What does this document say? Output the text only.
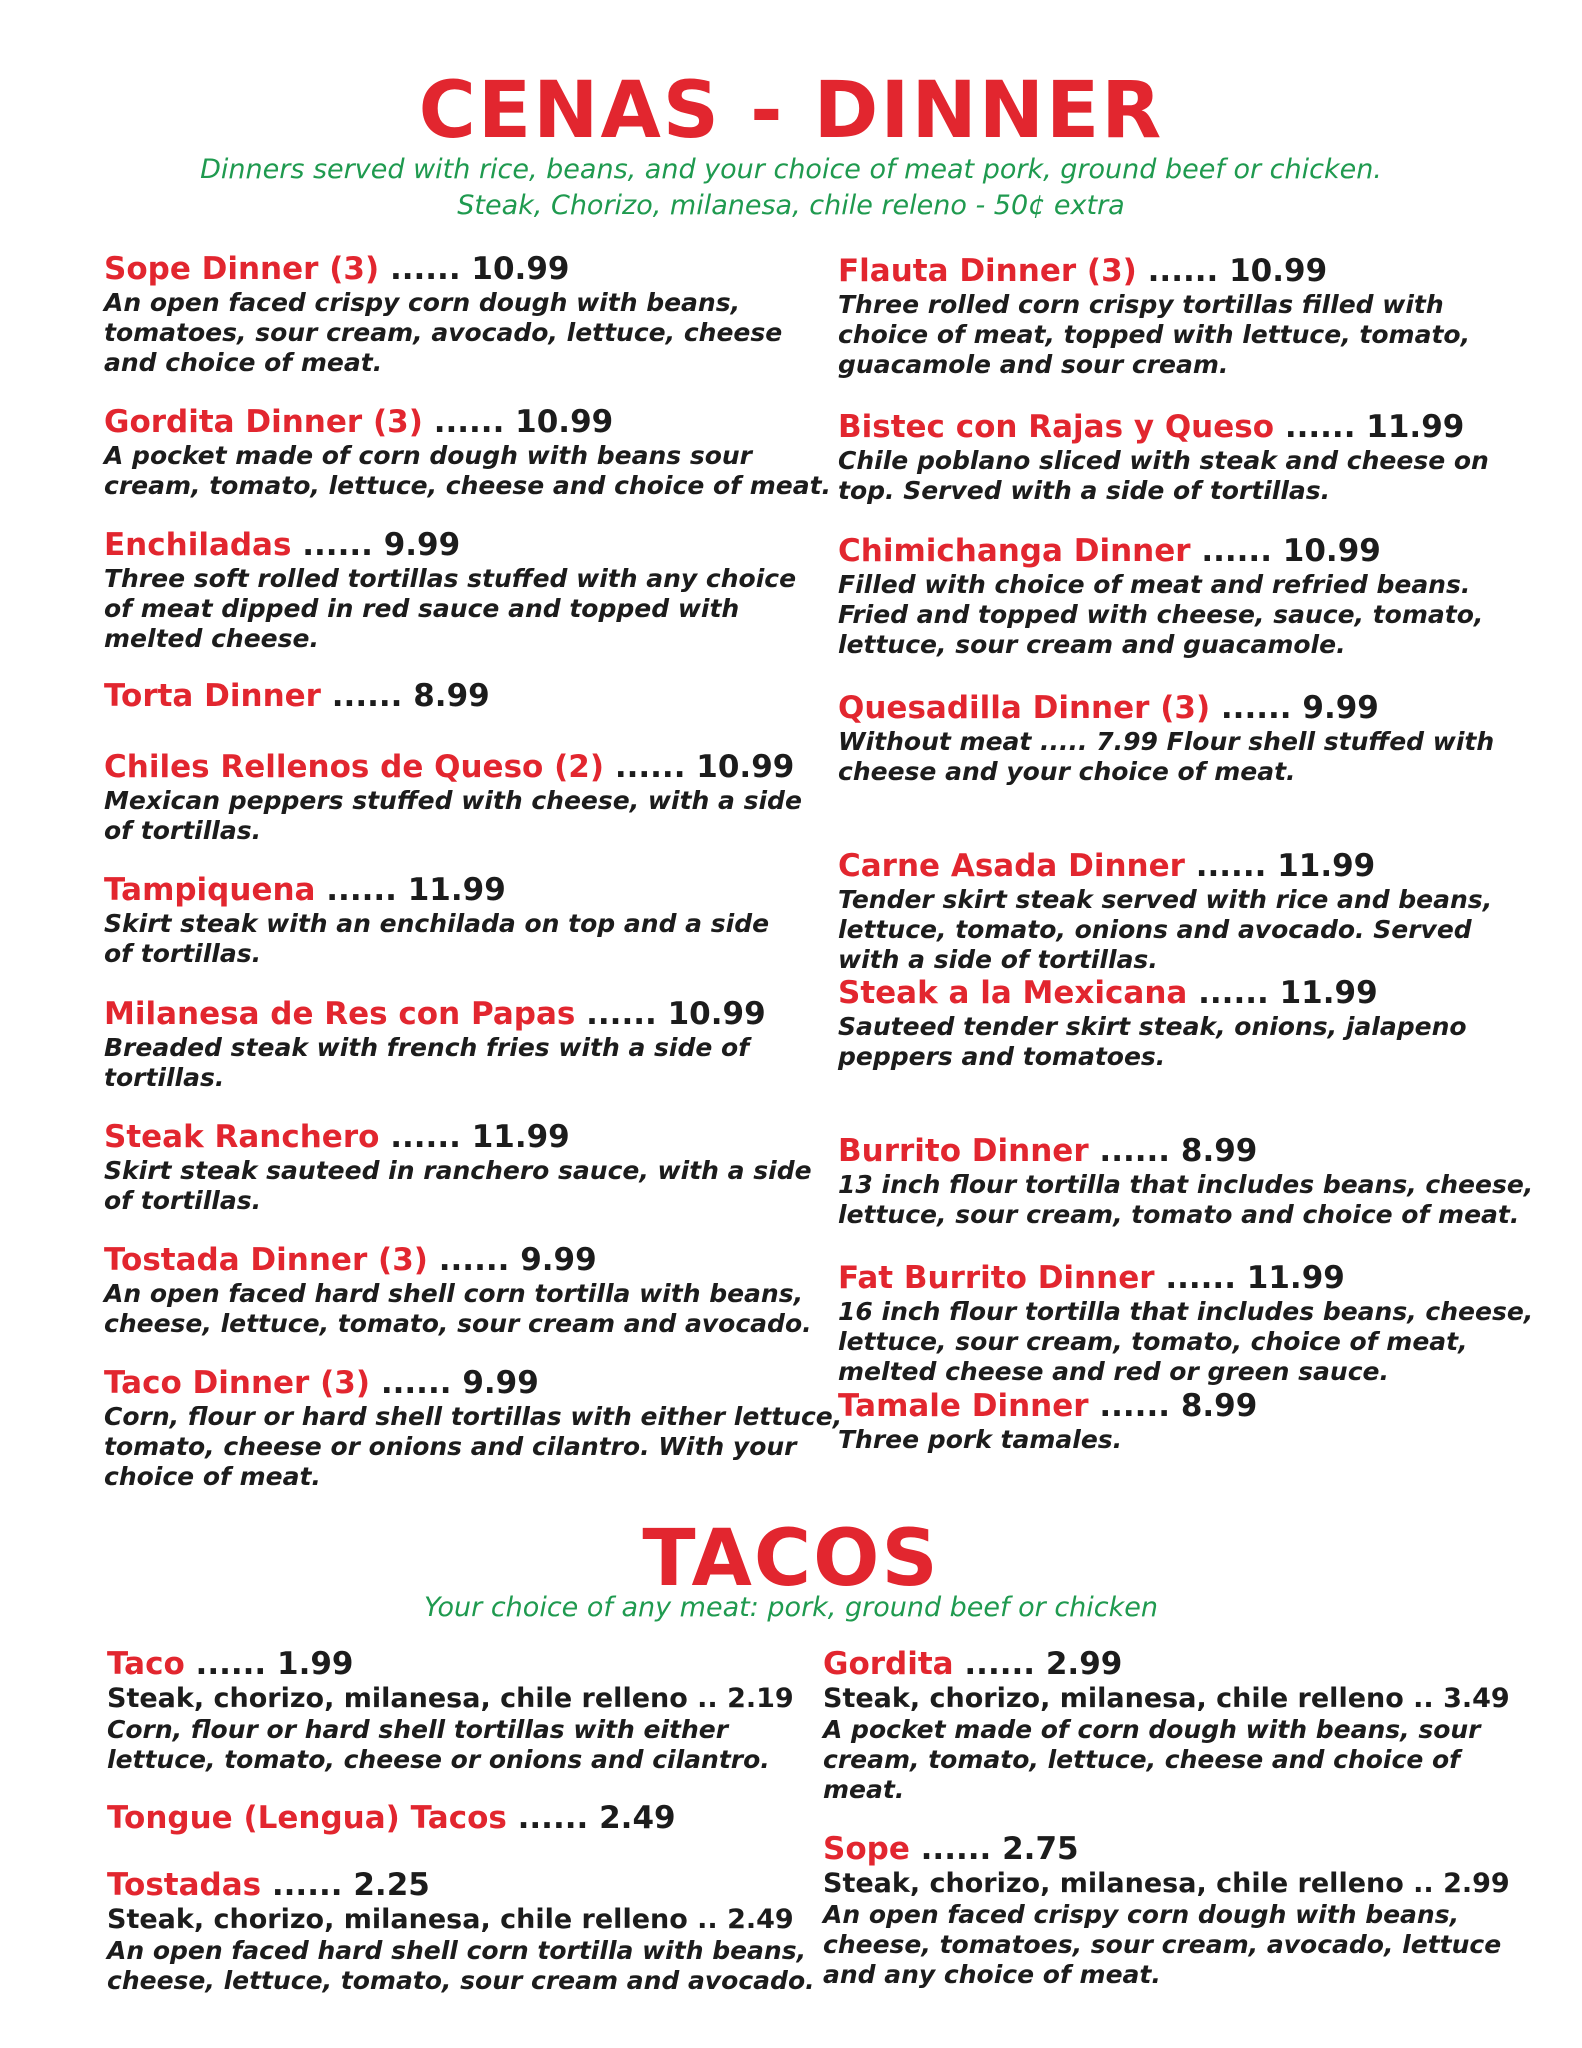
CENAS - DINNER
Dinners served with rice, beans, and your choice of meat pork, ground beef or chicken.
Steak, Chorizo, milanesa, chile releno - 50¢ extra
Sope Dinner (3) ...... 10.99
An open faced crispy corn dough with beans,
tomatoes, sour cream, avocado, lettuce, cheese
and choice of meat.
Gordita Dinner (3) ...... 10.99
A pocket made of corn dough with beans sour
cream, tomato, lettuce, cheese and choice of meat.
Enchiladas ...... 9.99
Three soft rolled tortillas stuffed with any choice
of meat dipped in red sauce and topped with
melted cheese.
Torta Dinner ...... 8.99
Chiles Rellenos de Queso (2) ...... 10.99
Mexican peppers stuffed with cheese, with a side
of tortillas.
Tampiquena ...... 11.99
Skirt steak with an enchilada on top and a side
of tortillas.
Milanesa de Res con Papas ...... 10.99
Breaded steak with french fries with a side of
tortillas.
Steak Ranchero ...... 11.99
Skirt steak sauteed in ranchero sauce, with a side
of tortillas.
Tostada Dinner (3) ...... 9.99
An open faced hard shell corn tortilla with beans,
cheese, lettuce, tomato, sour cream and avocado.
Taco Dinner (3) ...... 9.99
Corn, flour or hard shell tortillas with either lettuce,
tomato, cheese or onions and cilantro. With your
choice of meat.
Flauta Dinner (3) ...... 10.99
Three rolled corn crispy tortillas filled with
choice of meat, topped with lettuce, tomato,
guacamole and sour cream.
Bistec con Rajas y Queso ...... 11.99
Chile poblano sliced with steak and cheese on
top. Served with a side of tortillas.
Chimichanga Dinner ...... 10.99
Filled with choice of meat and refried beans.
Fried and topped with cheese, sauce, tomato,
lettuce, sour cream and guacamole.
Quesadilla Dinner (3) ...... 9.99
Without meat ..... 7.99 Flour shell stuffed with
cheese and your choice of meat.
Carne Asada Dinner ...... 11.99
Tender skirt steak served with rice and beans,
lettuce, tomato, onions and avocado. Served
with a side of tortillas.
Steak a la Mexicana ...... 11.99
Sauteed tender skirt steak, onions, jalapeno
peppers and tomatoes.
Burrito Dinner ...... 8.99
13 inch flour tortilla that includes beans, cheese,
lettuce, sour cream, tomato and choice of meat.
Fat Burrito Dinner ...... 11.99
16 inch flour tortilla that includes beans, cheese,
lettuce, sour cream, tomato, choice of meat,
melted cheese and red or green sauce.
Tamale Dinner ...... 8.99
Three pork tamales.
TACOS
Your choice of any meat: pork, ground beef or chicken
Taco ...... 1.99
Steak, chorizo, milanesa, chile relleno .. 2.19
Corn, flour or hard shell tortillas with either
lettuce, tomato, cheese or onions and cilantro.
Tongue (Lengua) Tacos ...... 2.49
Tostadas ...... 2.25
Steak, chorizo, milanesa, chile relleno .. 2.49
An open faced hard shell corn tortilla with beans,
cheese, lettuce, tomato, sour cream and avocado.
Gordita ...... 2.99
Steak, chorizo, milanesa, chile relleno .. 3.49
A pocket made of corn dough with beans, sour
cream, tomato, lettuce, cheese and choice of
meat.
Sope ...... 2.75
Steak, chorizo, milanesa, chile relleno .. 2.99
An open faced crispy corn dough with beans,
cheese, tomatoes, sour cream, avocado, lettuce
and any choice of meat.
